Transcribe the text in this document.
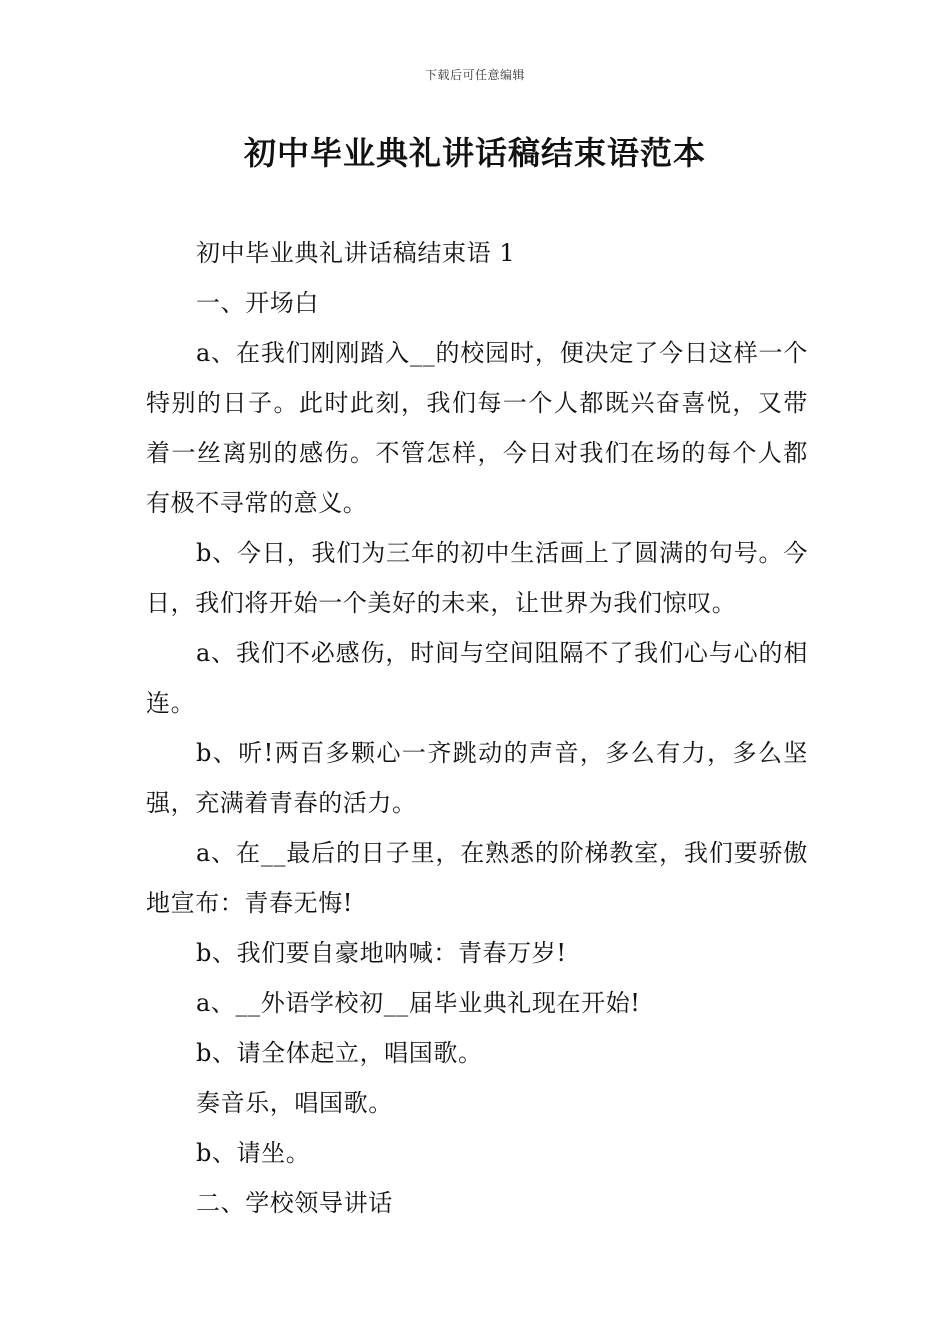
下载后可任意编辑
初中毕业典礼讲话稿结束语范本

初中毕业典礼讲话稿结束语 1

一、开场白

a、在我们刚刚踏入__的校园时，便决定了今日这样一个特别的日子。此时此刻，我们每一个人都既兴奋喜悦，又带着一丝离别的感伤。不管怎样，今日对我们在场的每个人都有极不寻常的意义。

b、今日，我们为三年的初中生活画上了圆满的句号。今日，我们将开始一个美好的未来，让世界为我们惊叹。

a、我们不必感伤，时间与空间阻隔不了我们心与心的相连。

b、听!两百多颗心一齐跳动的声音，多么有力，多么坚强，充满着青春的活力。

a、在__最后的日子里，在熟悉的阶梯教室，我们要骄傲地宣布：青春无悔!

b、我们要自豪地呐喊：青春万岁!

a、__外语学校初__届毕业典礼现在开始!

b、请全体起立，唱国歌。

奏音乐，唱国歌。

b、请坐。

二、学校领导讲话
